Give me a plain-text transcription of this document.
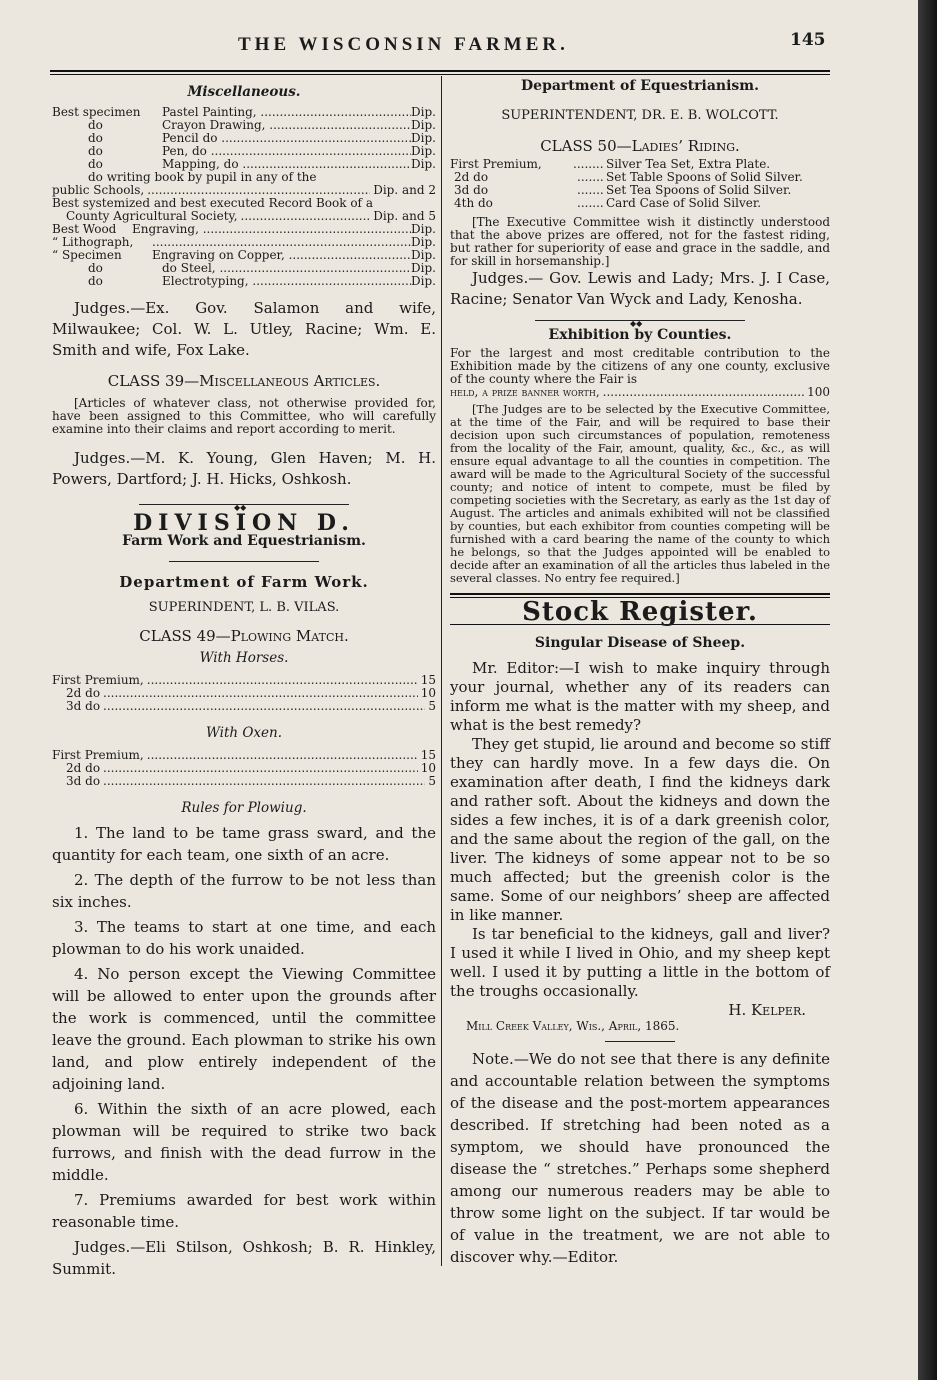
THE WISCONSIN FARMER.	145
Miscellaneous.
Best specimen	Pastel Painting, .....	Dip.
do	Crayon Drawing, .....	Dip.
do	Pencil do .....	Dip.
do	Pen, do .....	Dip.
do	Mapping, do .....	Dip.
do writing book by pupil in any of the
public Schools, .....	Dip. and 2
Best systemized and best executed Record Book of a
County Agricultural Society, .....	Dip. and 5
Best Wood	Engraving, .....	Dip.
“ Lithograph, .....	Dip.
“ Specimen	Engraving on Copper, .....	Dip.
do	do Steel, .....	Dip.
do	Electrotyping, .....	Dip.

Judges.—Ex. Gov. Salamon and wife, Milwaukee; Col. W. L. Utley, Racine; Wm. E. Smith and wife, Fox Lake.

CLASS 39—Miscellaneous Articles.

[Articles of whatever class, not otherwise provided for, have been assigned to this Committee, who will carefully examine into their claims and report according to merit.

Judges.—M. K. Young, Glen Haven; M. H. Powers, Dartford; J. H. Hicks, Oshkosh.

◆◆
DIVISION D.
Farm Work and Equestrianism.
Department of Farm Work.
SUPERINDENT, L. B. VILAS.
CLASS 49—Plowing Match.
With Horses.
First Premium, .....	15
2d do .....	10
3d do .....	5
With Oxen.
First Premium, .....	15
2d do .....	10
3d do .....	5
Rules for Plowiug.

1. The land to be tame grass sward, and the quantity for each team, one sixth of an acre.

2. The depth of the furrow to be not less than six inches.

3. The teams to start at one time, and each plowman to do his work unaided.

4. No person except the Viewing Committee will be allowed to enter upon the grounds after the work is commenced, until the committee leave the ground. Each plowman to strike his own land, and plow entirely independent of the adjoining land.

6. Within the sixth of an acre plowed, each plowman will be required to strike two back furrows, and finish with the dead furrow in the middle.

7. Premiums awarded for best work within reasonable time.

Judges.—Eli Stilson, Oshkosh; B. R. Hinkley, Summit.

Department of Equestrianism.
SUPERINTENDENT, DR. E. B. WOLCOTT.
CLASS 50—Ladies’ Riding.
First Premium, .....	Silver Tea Set, Extra Plate.
2d do .....	Set Table Spoons of Solid Silver.
3d do .....	Set Tea Spoons of Solid Silver.
4th do .....	Card Case of Solid Silver.

[The Executive Committee wish it distinctly understood that the above prizes are offered, not for the fastest riding, but rather for superiority of ease and grace in the saddle, and for skill in horsemanship.]

Judges.— Gov. Lewis and Lady; Mrs. J. I Case, Racine; Senator Van Wyck and Lady, Kenosha.

◆◆
Exhibition by Counties.

For the largest and most creditable contribution to the Exhibition made by the citizens of any one county, exclusive of the county where the Fair is

held, a prize banner worth, .....	100

[The Judges are to be selected by the Executive Committee, at the time of the Fair, and will be required to base their decision upon such circumstances of population, remoteness from the locality of the Fair, amount, quality, &c., &c., as will ensure equal advantage to all the counties in competition. The award will be made to the Agricultural Society of the successful county; and notice of intent to compete, must be filed by competing societies with the Secretary, as early as the 1st day of August. The articles and animals exhibited will not be classified by counties, but each exhibitor from counties competing will be furnished with a card bearing the name of the county to which he belongs, so that the Judges appointed will be enabled to decide after an examination of all the articles thus labeled in the several classes. No entry fee required.]

Stock Register.
Singular Disease of Sheep.

Mr. Editor:—I wish to make inquiry through your journal, whether any of its readers can inform me what is the matter with my sheep, and what is the best remedy?

They get stupid, lie around and become so stiff they can hardly move. In a few days die. On examination after death, I find the kidneys dark and rather soft. About the kidneys and down the sides a few inches, it is of a dark greenish color, and the same about the region of the gall, on the liver. The kidneys of some appear not to be so much affected; but the greenish color is the same. Some of our neighbors’ sheep are affected in like manner.

Is tar beneficial to the kidneys, gall and liver? I used it while I lived in Ohio, and my sheep kept well. I used it by putting a little in the bottom of the troughs occasionally.

H. Kelper.
Mill Creek Valley, Wis., April, 1865.

Note.—We do not see that there is any definite and accountable relation between the symptoms of the disease and the post-mortem appearances described. If stretching had been noted as a symptom, we should have pronounced the disease the “ stretches.” Perhaps some shepherd among our numerous readers may be able to throw some light on the subject. If tar would be of value in the treatment, we are not able to discover why.—Editor.
